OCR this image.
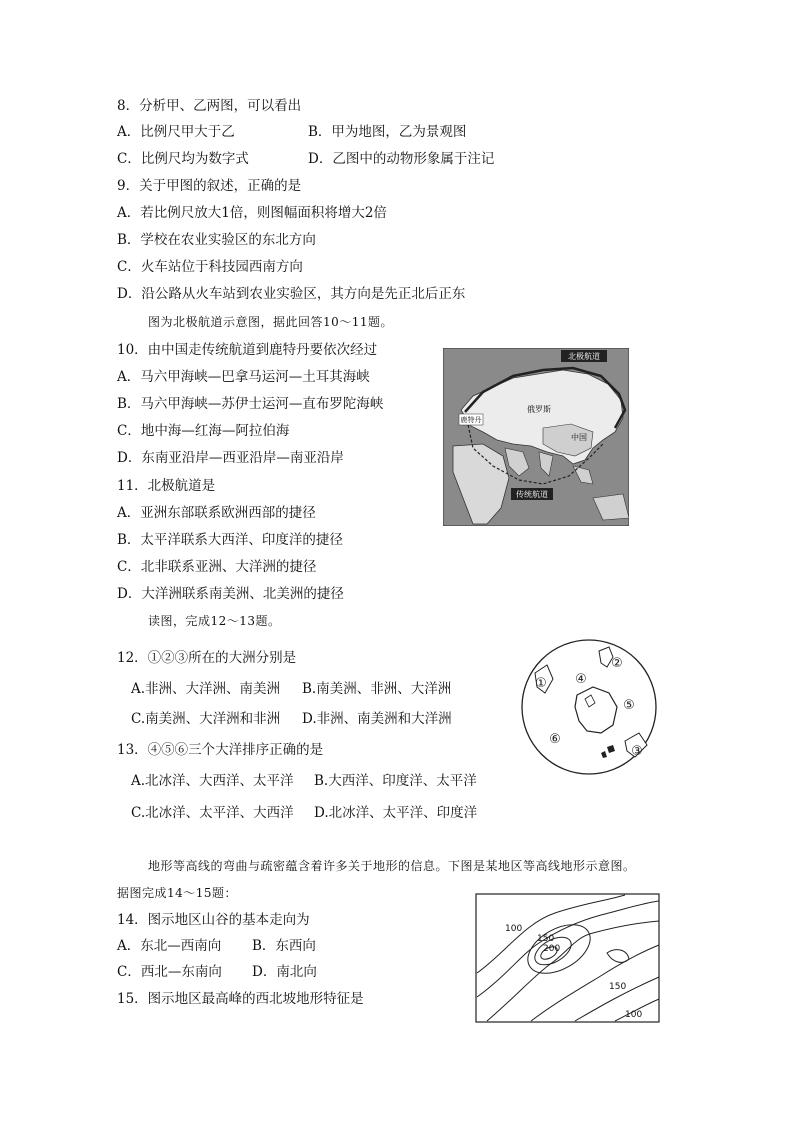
8．分析甲、乙两图，可以看出
A．比例尺甲大于乙	B．甲为地图，乙为景观图
C．比例尺均为数字式	D．乙图中的动物形象属于注记
9．关于甲图的叙述，正确的是
A．若比例尺放大1倍，则图幅面积将增大2倍
B．学校在农业实验区的东北方向
C．火车站位于科技园西南方向
D．沿公路从火车站到农业实验区，其方向是先正北后正东
图为北极航道示意图，据此回答10～11题。
10．由中国走传统航道到鹿特丹要依次经过
A．马六甲海峡—巴拿马运河—土耳其海峡
B．马六甲海峡—苏伊士运河—直布罗陀海峡
C．地中海—红海—阿拉伯海
D．东南亚沿岸—西亚沿岸—南亚沿岸
11．北极航道是
A．亚洲东部联系欧洲西部的捷径
B．太平洋联系大西洋、印度洋的捷径
C．北非联系亚洲、大洋洲的捷径
D．大洋洲联系南美洲、北美洲的捷径
北极航道
俄罗斯
鹿特丹
中国
传统航道
读图，完成12～13题。
12．①②③所在的大洲分别是
A.非洲、大洋洲、南美洲 B.南美洲、非洲、大洋洲
C.南美洲、大洋洲和非洲 D.非洲、南美洲和大洋洲
13．④⑤⑥三个大洋排序正确的是
A.北冰洋、大西洋、太平洋 B.大西洋、印度洋、太平洋
C.北冰洋、太平洋、大西洋 D.北冰洋、太平洋、印度洋
①
②
③
④
⑤
⑥
地形等高线的弯曲与疏密蕴含着许多关于地形的信息。下图是某地区等高线地形示意图。
据图完成14～15题：
14．图示地区山谷的基本走向为
A．东北—西南向 B．东西向
C．西北—东南向 D．南北向
15．图示地区最高峰的西北坡地形特征是
100
150
200
150
100
